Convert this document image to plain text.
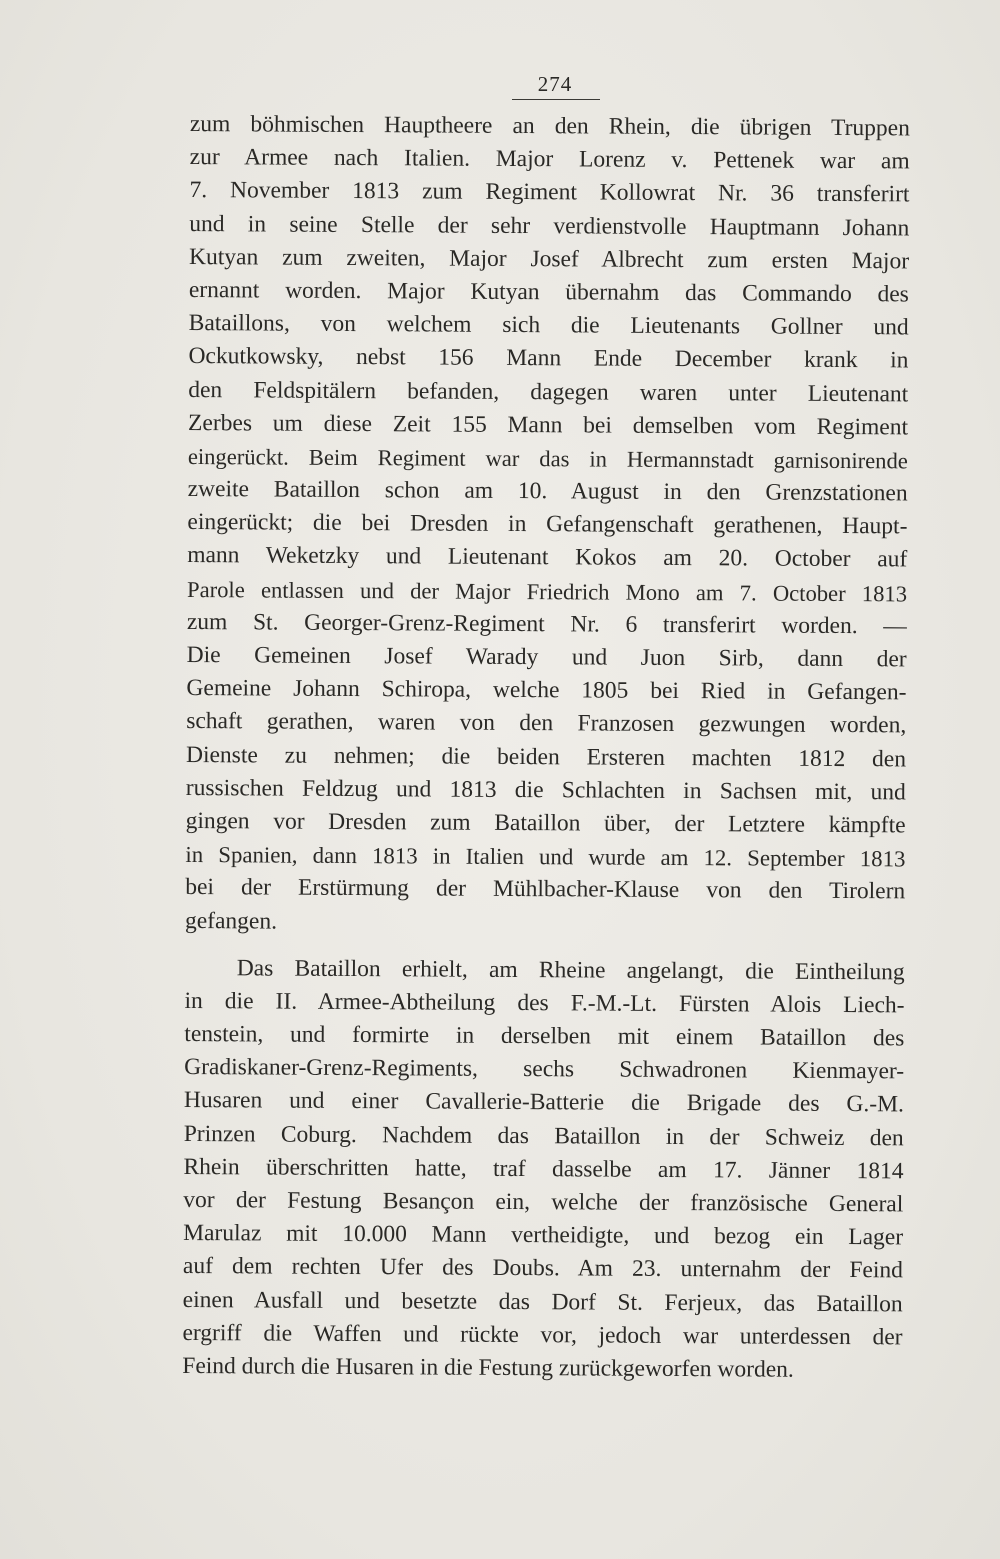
274
zum böhmischen Hauptheere an den Rhein, die übrigen Truppen
zur Armee nach Italien. Major Lorenz v. Pettenek war am
7. November 1813 zum Regiment Kollowrat Nr. 36 transferirt
und in seine Stelle der sehr verdienstvolle Hauptmann Johann
Kutyan zum zweiten, Major Josef Albrecht zum ersten Major
ernannt worden. Major Kutyan übernahm das Commando des
Bataillons, von welchem sich die Lieutenants Gollner und
Ockutkowsky, nebst 156 Mann Ende December krank in
den Feldspitälern befanden, dagegen waren unter Lieutenant
Zerbes um diese Zeit 155 Mann bei demselben vom Regiment
eingerückt. Beim Regiment war das in Hermannstadt garnisonirende
zweite Bataillon schon am 10. August in den Grenzstationen
eingerückt; die bei Dresden in Gefangenschaft gerathenen, Haupt-
mann Weketzky und Lieutenant Kokos am 20. October auf
Parole entlassen und der Major Friedrich Mono am 7. October 1813
zum St. Georger-Grenz-Regiment Nr. 6 transferirt worden. —
Die Gemeinen Josef Warady und Juon Sirb, dann der
Gemeine Johann Schiropa, welche 1805 bei Ried in Gefangen-
schaft gerathen, waren von den Franzosen gezwungen worden,
Dienste zu nehmen; die beiden Ersteren machten 1812 den
russischen Feldzug und 1813 die Schlachten in Sachsen mit, und
gingen vor Dresden zum Bataillon über, der Letztere kämpfte
in Spanien, dann 1813 in Italien und wurde am 12. September 1813
bei der Erstürmung der Mühlbacher-Klause von den Tirolern
gefangen.
Das Bataillon erhielt, am Rheine angelangt, die Eintheilung
in die II. Armee-Abtheilung des F.-M.-Lt. Fürsten Alois Liech-
tenstein, und formirte in derselben mit einem Bataillon des
Gradiskaner-Grenz-Regiments, sechs Schwadronen Kienmayer-
Husaren und einer Cavallerie-Batterie die Brigade des G.-M.
Prinzen Coburg. Nachdem das Bataillon in der Schweiz den
Rhein überschritten hatte, traf dasselbe am 17. Jänner 1814
vor der Festung Besançon ein, welche der französische General
Marulaz mit 10.000 Mann vertheidigte, und bezog ein Lager
auf dem rechten Ufer des Doubs. Am 23. unternahm der Feind
einen Ausfall und besetzte das Dorf St. Ferjeux, das Bataillon
ergriff die Waffen und rückte vor, jedoch war unterdessen der
Feind durch die Husaren in die Festung zurückgeworfen worden.
